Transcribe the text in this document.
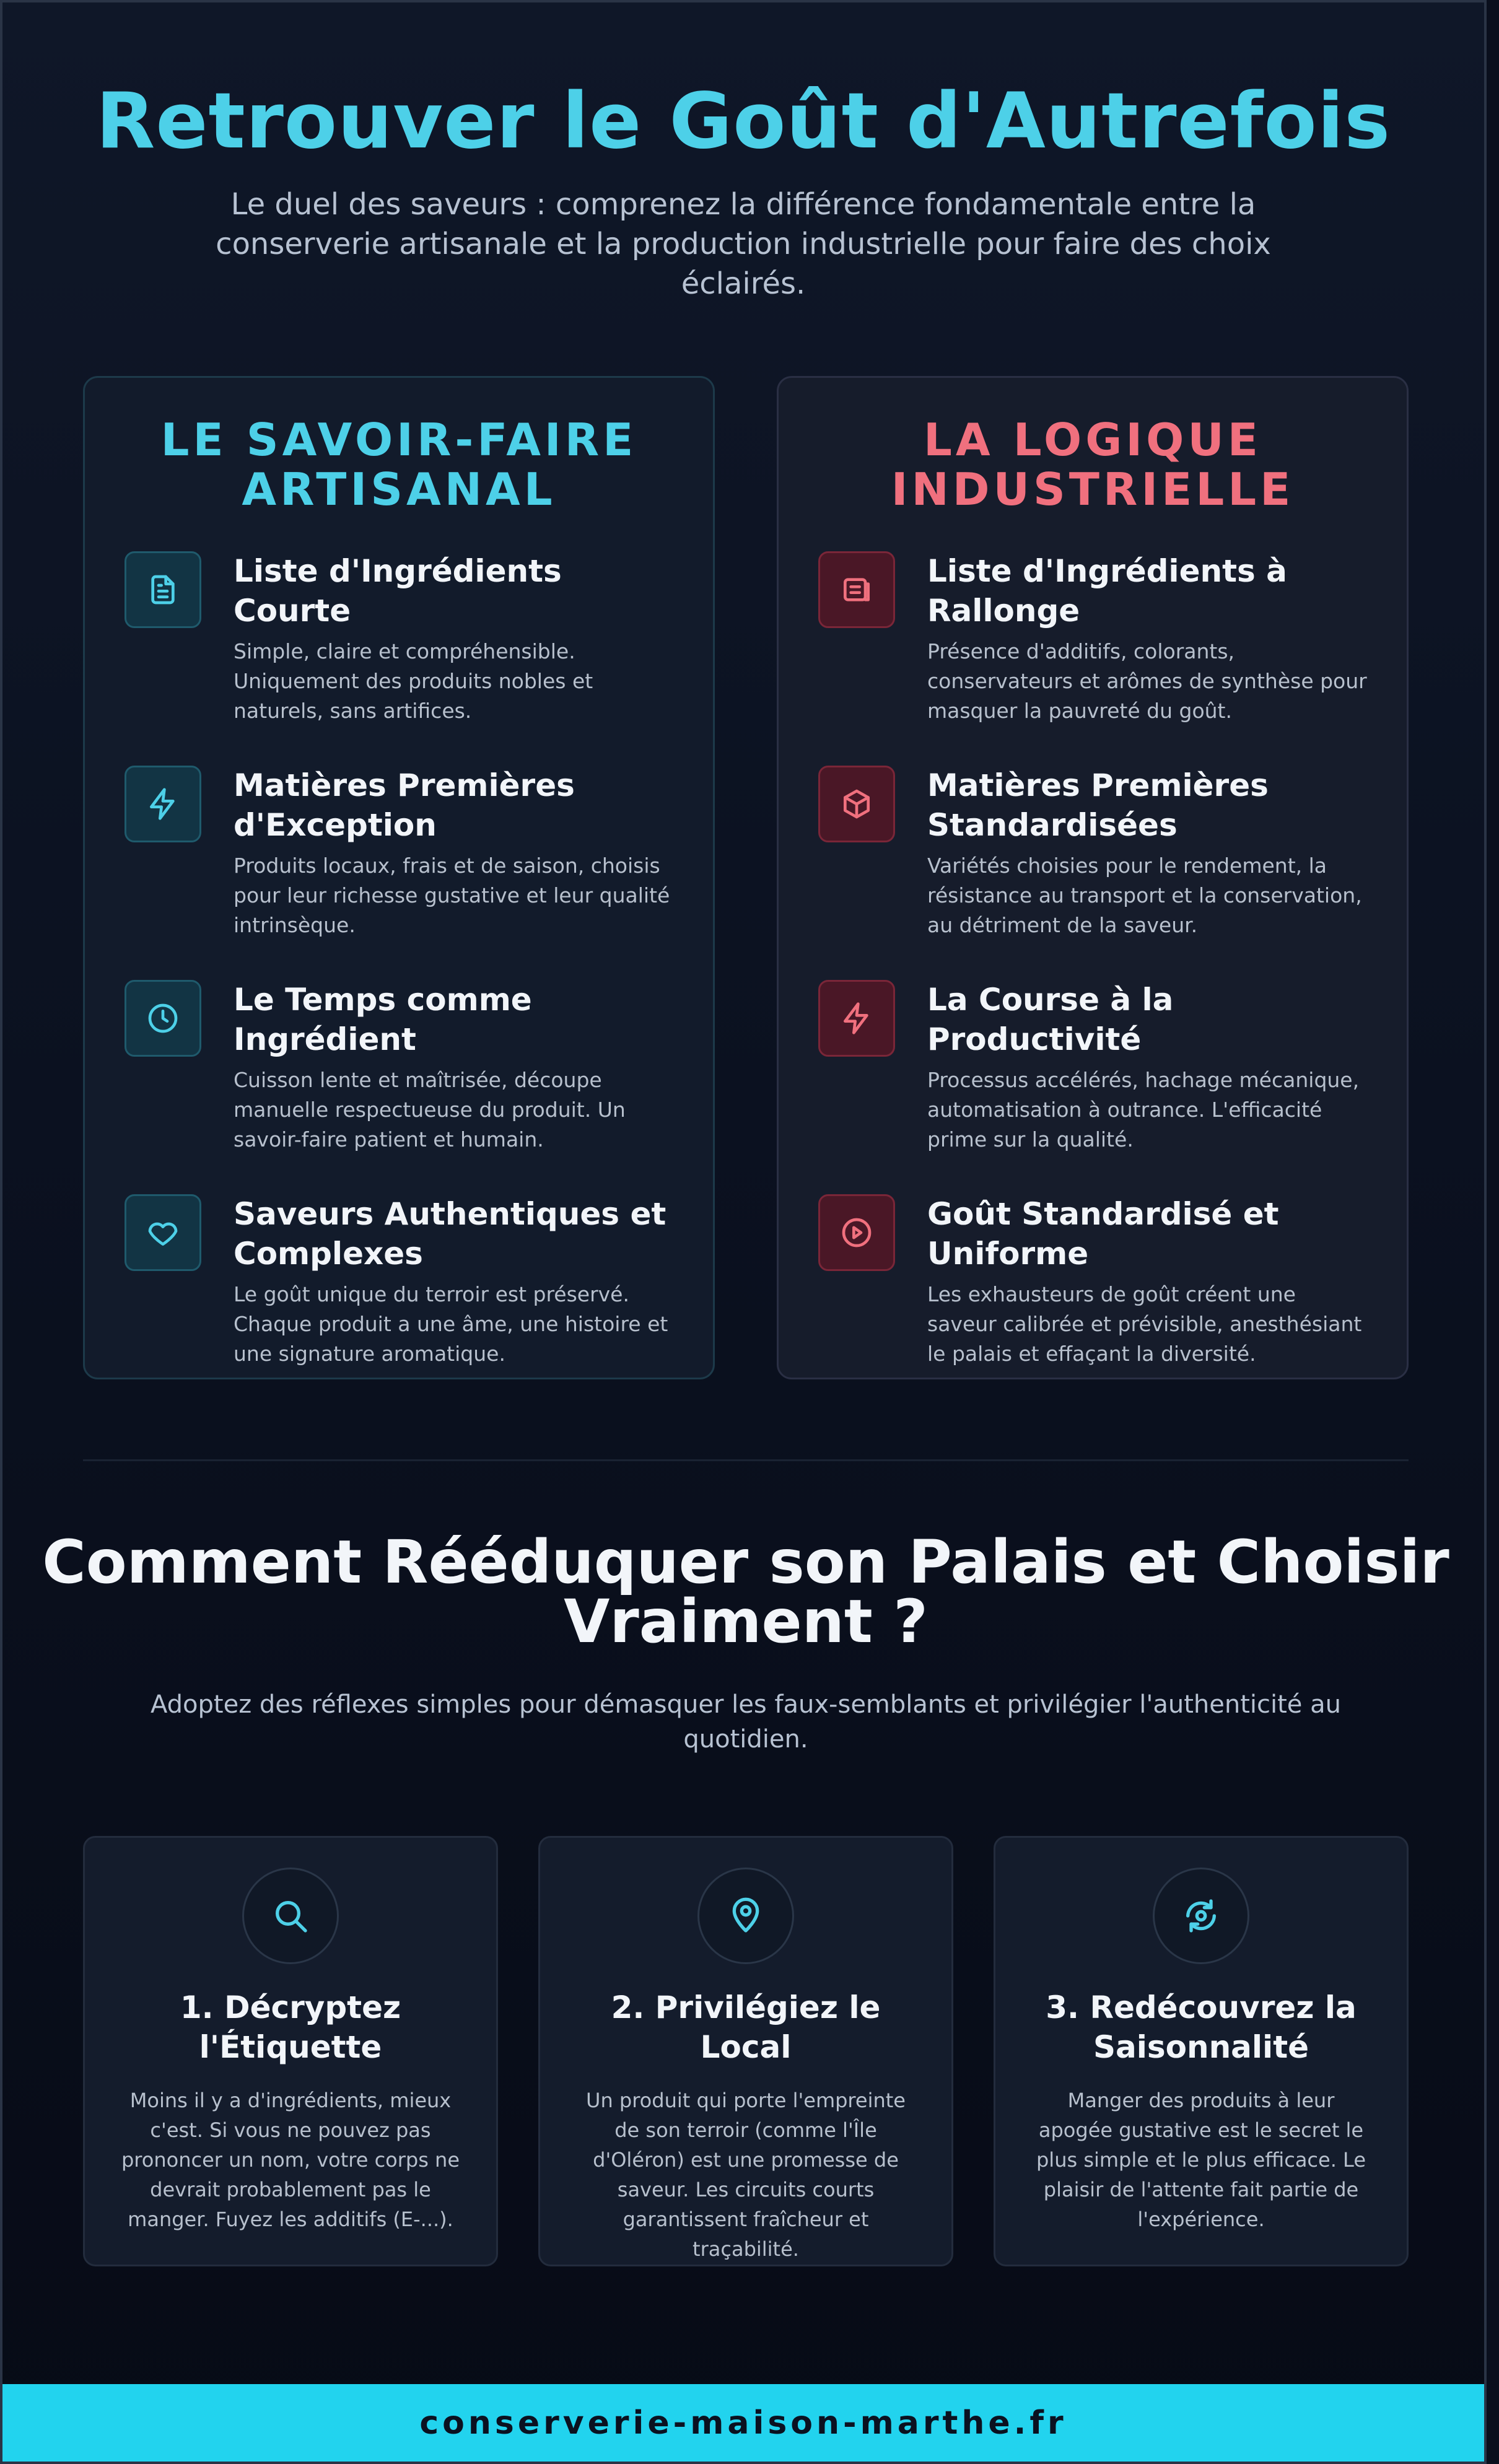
Retrouver le Goût d'Autrefois

Le duel des saveurs : comprenez la différence fondamentale entre la conserverie artisanale et la production industrielle pour faire des choix éclairés.

LE SAVOIR-FAIRE ARTISANAL
Liste d'Ingrédients Courte

Simple, claire et compréhensible. Uniquement des produits nobles et naturels, sans artifices.

Matières Premières d'Exception

Produits locaux, frais et de saison, choisis pour leur richesse gustative et leur qualité intrinsèque.

Le Temps comme Ingrédient

Cuisson lente et maîtrisée, découpe manuelle respectueuse du produit. Un savoir-faire patient et humain.

Saveurs Authentiques et Complexes

Le goût unique du terroir est préservé. Chaque produit a une âme, une histoire et une signature aromatique.

LA LOGIQUE INDUSTRIELLE
Liste d'Ingrédients à Rallonge

Présence d'additifs, colorants, conservateurs et arômes de synthèse pour masquer la pauvreté du goût.

Matières Premières Standardisées

Variétés choisies pour le rendement, la résistance au transport et la conservation, au détriment de la saveur.

La Course à la Productivité

Processus accélérés, hachage mécanique, automatisation à outrance. L'efficacité prime sur la qualité.

Goût Standardisé et Uniforme

Les exhausteurs de goût créent une saveur calibrée et prévisible, anesthésiant le palais et effaçant la diversité.

Comment Rééduquer son Palais et Choisir Vraiment ?

Adoptez des réflexes simples pour démasquer les faux-semblants et privilégier l'authenticité au quotidien.

1. Décryptez l'Étiquette

Moins il y a d'ingrédients, mieux c'est. Si vous ne pouvez pas prononcer un nom, votre corps ne devrait probablement pas le manger. Fuyez les additifs (E-...).

2. Privilégiez le Local

Un produit qui porte l'empreinte de son terroir (comme l'Île d'Oléron) est une promesse de saveur. Les circuits courts garantissent fraîcheur et traçabilité.

3. Redécouvrez la Saisonnalité

Manger des produits à leur apogée gustative est le secret le plus simple et le plus efficace. Le plaisir de l'attente fait partie de l'expérience.

conserverie-maison-marthe.fr
